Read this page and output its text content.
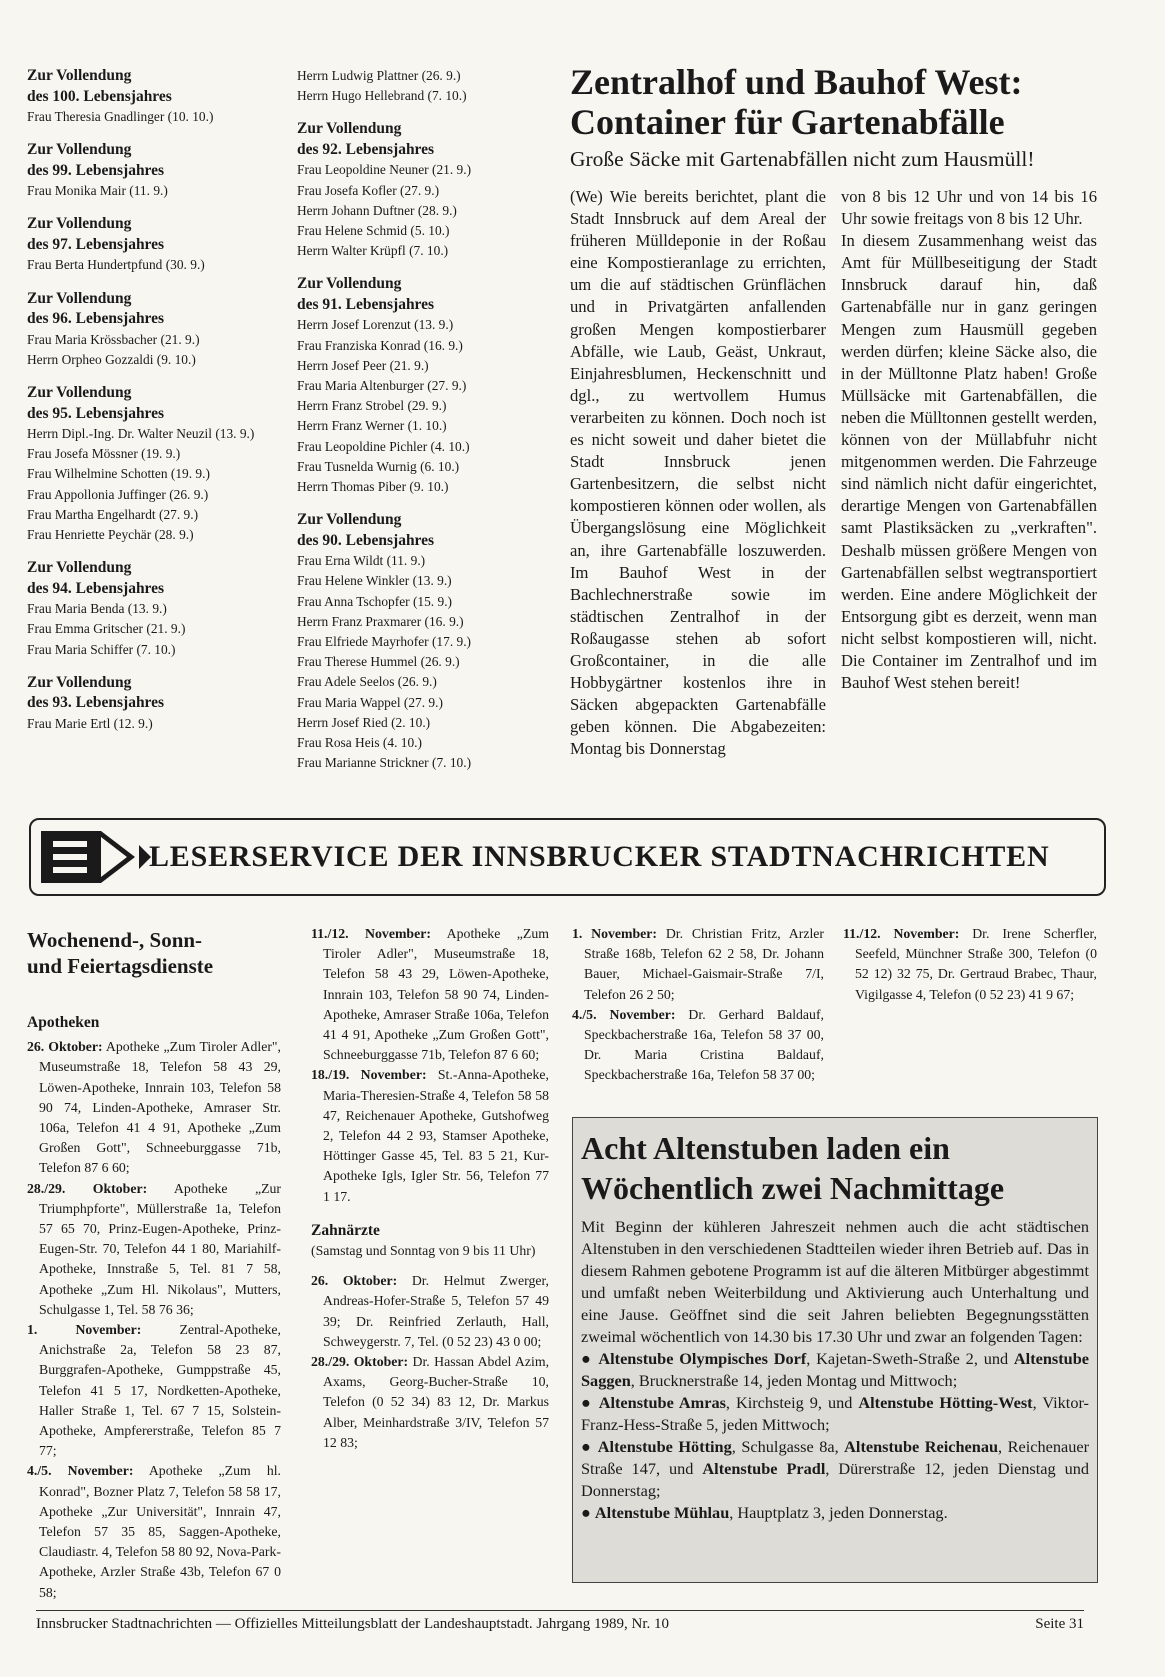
Zur Vollendung
des 100. Lebensjahres
Frau Theresia Gnadlinger (10. 10.)
Zur Vollendung
des 99. Lebensjahres
Frau Monika Mair (11. 9.)
Zur Vollendung
des 97. Lebensjahres
Frau Berta Hundertpfund (30. 9.)
Zur Vollendung
des 96. Lebensjahres
Frau Maria Krössbacher (21. 9.)
Herrn Orpheo Gozzaldi (9. 10.)
Zur Vollendung
des 95. Lebensjahres
Herrn Dipl.-Ing. Dr. Walter Neuzil (13. 9.)
Frau Josefa Mössner (19. 9.)
Frau Wilhelmine Schotten (19. 9.)
Frau Appollonia Juffinger (26. 9.)
Frau Martha Engelhardt (27. 9.)
Frau Henriette Peychär (28. 9.)
Zur Vollendung
des 94. Lebensjahres
Frau Maria Benda (13. 9.)
Frau Emma Gritscher (21. 9.)
Frau Maria Schiffer (7. 10.)
Zur Vollendung
des 93. Lebensjahres
Frau Marie Ertl (12. 9.)
Herrn Ludwig Plattner (26. 9.)
Herrn Hugo Hellebrand (7. 10.)
Zur Vollendung
des 92. Lebensjahres
Frau Leopoldine Neuner (21. 9.)
Frau Josefa Kofler (27. 9.)
Herrn Johann Duftner (28. 9.)
Frau Helene Schmid (5. 10.)
Herrn Walter Krüpfl (7. 10.)
Zur Vollendung
des 91. Lebensjahres
Herrn Josef Lorenzut (13. 9.)
Frau Franziska Konrad (16. 9.)
Herrn Josef Peer (21. 9.)
Frau Maria Altenburger (27. 9.)
Herrn Franz Strobel (29. 9.)
Herrn Franz Werner (1. 10.)
Frau Leopoldine Pichler (4. 10.)
Frau Tusnelda Wurnig (6. 10.)
Herrn Thomas Piber (9. 10.)
Zur Vollendung
des 90. Lebensjahres
Frau Erna Wildt (11. 9.)
Frau Helene Winkler (13. 9.)
Frau Anna Tschopfer (15. 9.)
Herrn Franz Praxmarer (16. 9.)
Frau Elfriede Mayrhofer (17. 9.)
Frau Therese Hummel (26. 9.)
Frau Adele Seelos (26. 9.)
Frau Maria Wappel (27. 9.)
Herrn Josef Ried (2. 10.)
Frau Rosa Heis (4. 10.)
Frau Marianne Strickner (7. 10.)
Zentralhof und Bauhof West:
Container für Gartenabfälle
Große Säcke mit Gartenabfällen nicht zum Hausmüll!

(We) Wie bereits berichtet, plant die Stadt Innsbruck auf dem Areal der früheren Mülldeponie in der Roßau eine Kompostieranlage zu errichten, um die auf städtischen Grünflächen und in Privatgärten anfallenden großen Mengen kompostierbarer Abfälle, wie Laub, Geäst, Unkraut, Einjahresblumen, Heckenschnitt und dgl., zu wertvollem Humus verarbeiten zu können. Doch noch ist es nicht soweit und daher bietet die Stadt Innsbruck jenen Gartenbesitzern, die selbst nicht kompostieren können oder wollen, als Übergangslösung eine Möglichkeit an, ihre Gartenabfälle loszuwerden. Im Bauhof West in der Bachlechnerstraße sowie im städtischen Zentralhof in der Roßaugasse stehen ab sofort Großcontainer, in die alle Hobbygärtner kostenlos ihre in Säcken abgepackten Gartenabfälle geben können. Die Abgabezeiten: Montag bis Donnerstag

von 8 bis 12 Uhr und von 14 bis 16 Uhr sowie freitags von 8 bis 12 Uhr.

In diesem Zusammenhang weist das Amt für Müllbeseitigung der Stadt Innsbruck darauf hin, daß Gartenabfälle nur in ganz geringen Mengen zum Hausmüll gegeben werden dürfen; kleine Säcke also, die in der Mülltonne Platz haben! Große Müllsäcke mit Gartenabfällen, die neben die Mülltonnen gestellt werden, können von der Müllabfuhr nicht mitgenommen werden. Die Fahrzeuge sind nämlich nicht dafür eingerichtet, derartige Mengen von Gartenabfällen samt Plastiksäcken zu „verkraften". Deshalb müssen größere Mengen von Gartenabfällen selbst wegtransportiert werden. Eine andere Möglichkeit der Entsorgung gibt es derzeit, wenn man nicht selbst kompostieren will, nicht. Die Container im Zentralhof und im Bauhof West stehen bereit!

LESERSERVICE DER INNSBRUCKER STADTNACHRICHTEN
Wochenend-, Sonn-
und Feiertagsdienste
Apotheken

26. Oktober: Apotheke „Zum Tiroler Adler", Museumstraße 18, Telefon 58 43 29, Löwen-Apotheke, Innrain 103, Telefon 58 90 74, Linden-Apotheke, Amraser Str. 106a, Telefon 41 4 91, Apotheke „Zum Großen Gott", Schneeburggasse 71b, Telefon 87 6 60;

28./29. Oktober: Apotheke „Zur Triumphpforte", Müllerstraße 1a, Telefon 57 65 70, Prinz-Eugen-Apotheke, Prinz-Eugen-Str. 70, Telefon 44 1 80, Mariahilf-Apotheke, Innstraße 5, Tel. 81 7 58, Apotheke „Zum Hl. Nikolaus", Mutters, Schulgasse 1, Tel. 58 76 36;

1. November: Zentral-Apotheke, Anichstraße 2a, Telefon 58 23 87, Burggrafen-Apotheke, Gumppstraße 45, Telefon 41 5 17, Nordketten-Apotheke, Haller Straße 1, Tel. 67 7 15, Solstein-Apotheke, Ampfererstraße, Telefon 85 7 77;

4./5. November: Apotheke „Zum hl. Konrad", Bozner Platz 7, Telefon 58 58 17, Apotheke „Zur Universität", Innrain 47, Telefon 57 35 85, Saggen-Apotheke, Claudiastr. 4, Telefon 58 80 92, Nova-Park-Apotheke, Arzler Straße 43b, Telefon 67 0 58;

11./12. November: Apotheke „Zum Tiroler Adler", Museumstraße 18, Telefon 58 43 29, Löwen-Apotheke, Innrain 103, Telefon 58 90 74, Linden-Apotheke, Amraser Straße 106a, Telefon 41 4 91, Apotheke „Zum Großen Gott", Schneeburggasse 71b, Telefon 87 6 60;

18./19. November: St.-Anna-Apotheke, Maria-Theresien-Straße 4, Telefon 58 58 47, Reichenauer Apotheke, Gutshofweg 2, Telefon 44 2 93, Stamser Apotheke, Höttinger Gasse 45, Tel. 83 5 21, Kur-Apotheke Igls, Igler Str. 56, Telefon 77 1 17.

Zahnärzte

(Samstag und Sonntag von 9 bis 11 Uhr)

26. Oktober: Dr. Helmut Zwerger, Andreas-Hofer-Straße 5, Telefon 57 49 39; Dr. Reinfried Zerlauth, Hall, Schweygerstr. 7, Tel. (0 52 23) 43 0 00;

28./29. Oktober: Dr. Hassan Abdel Azim, Axams, Georg-Bucher-Straße 10, Telefon (0 52 34) 83 12, Dr. Markus Alber, Meinhardstraße 3/IV, Telefon 57 12 83;

1. November: Dr. Christian Fritz, Arzler Straße 168b, Telefon 62 2 58, Dr. Johann Bauer, Michael-Gaismair-Straße 7/I, Telefon 26 2 50;

4./5. November: Dr. Gerhard Baldauf, Speckbacherstraße 16a, Telefon 58 37 00, Dr. Maria Cristina Baldauf, Speckbacherstraße 16a, Telefon 58 37 00;

11./12. November: Dr. Irene Scherfler, Seefeld, Münchner Straße 300, Telefon (0 52 12) 32 75, Dr. Gertraud Brabec, Thaur, Vigilgasse 4, Telefon (0 52 23) 41 9 67;

Acht Altenstuben laden ein
Wöchentlich zwei Nachmittage
Mit Beginn der kühleren Jahreszeit nehmen auch die acht städtischen Altenstuben in den verschiedenen Stadtteilen wieder ihren Betrieb auf. Das in diesem Rahmen gebotene Programm ist auf die älteren Mitbürger abgestimmt und umfaßt neben Weiterbildung und Aktivierung auch Unterhaltung und eine Jause. Geöffnet sind die seit Jahren beliebten Begegnungsstätten zweimal wöchentlich von 14.30 bis 17.30 Uhr und zwar an folgenden Tagen:
● Altenstube Olympisches Dorf, Kajetan-Sweth-Straße 2, und Altenstube Saggen, Brucknerstraße 14, jeden Montag und Mittwoch;
● Altenstube Amras, Kirchsteig 9, und Altenstube Hötting-West, Viktor-Franz-Hess-Straße 5, jeden Mittwoch;
● Altenstube Hötting, Schulgasse 8a, Altenstube Reichenau, Reichenauer Straße 147, und Altenstube Pradl, Dürerstraße 12, jeden Dienstag und Donnerstag;
● Altenstube Mühlau, Hauptplatz 3, jeden Donnerstag.
Innsbrucker Stadtnachrichten — Offizielles Mitteilungsblatt der Landeshauptstadt. Jahrgang 1989, Nr. 10	Seite 31
